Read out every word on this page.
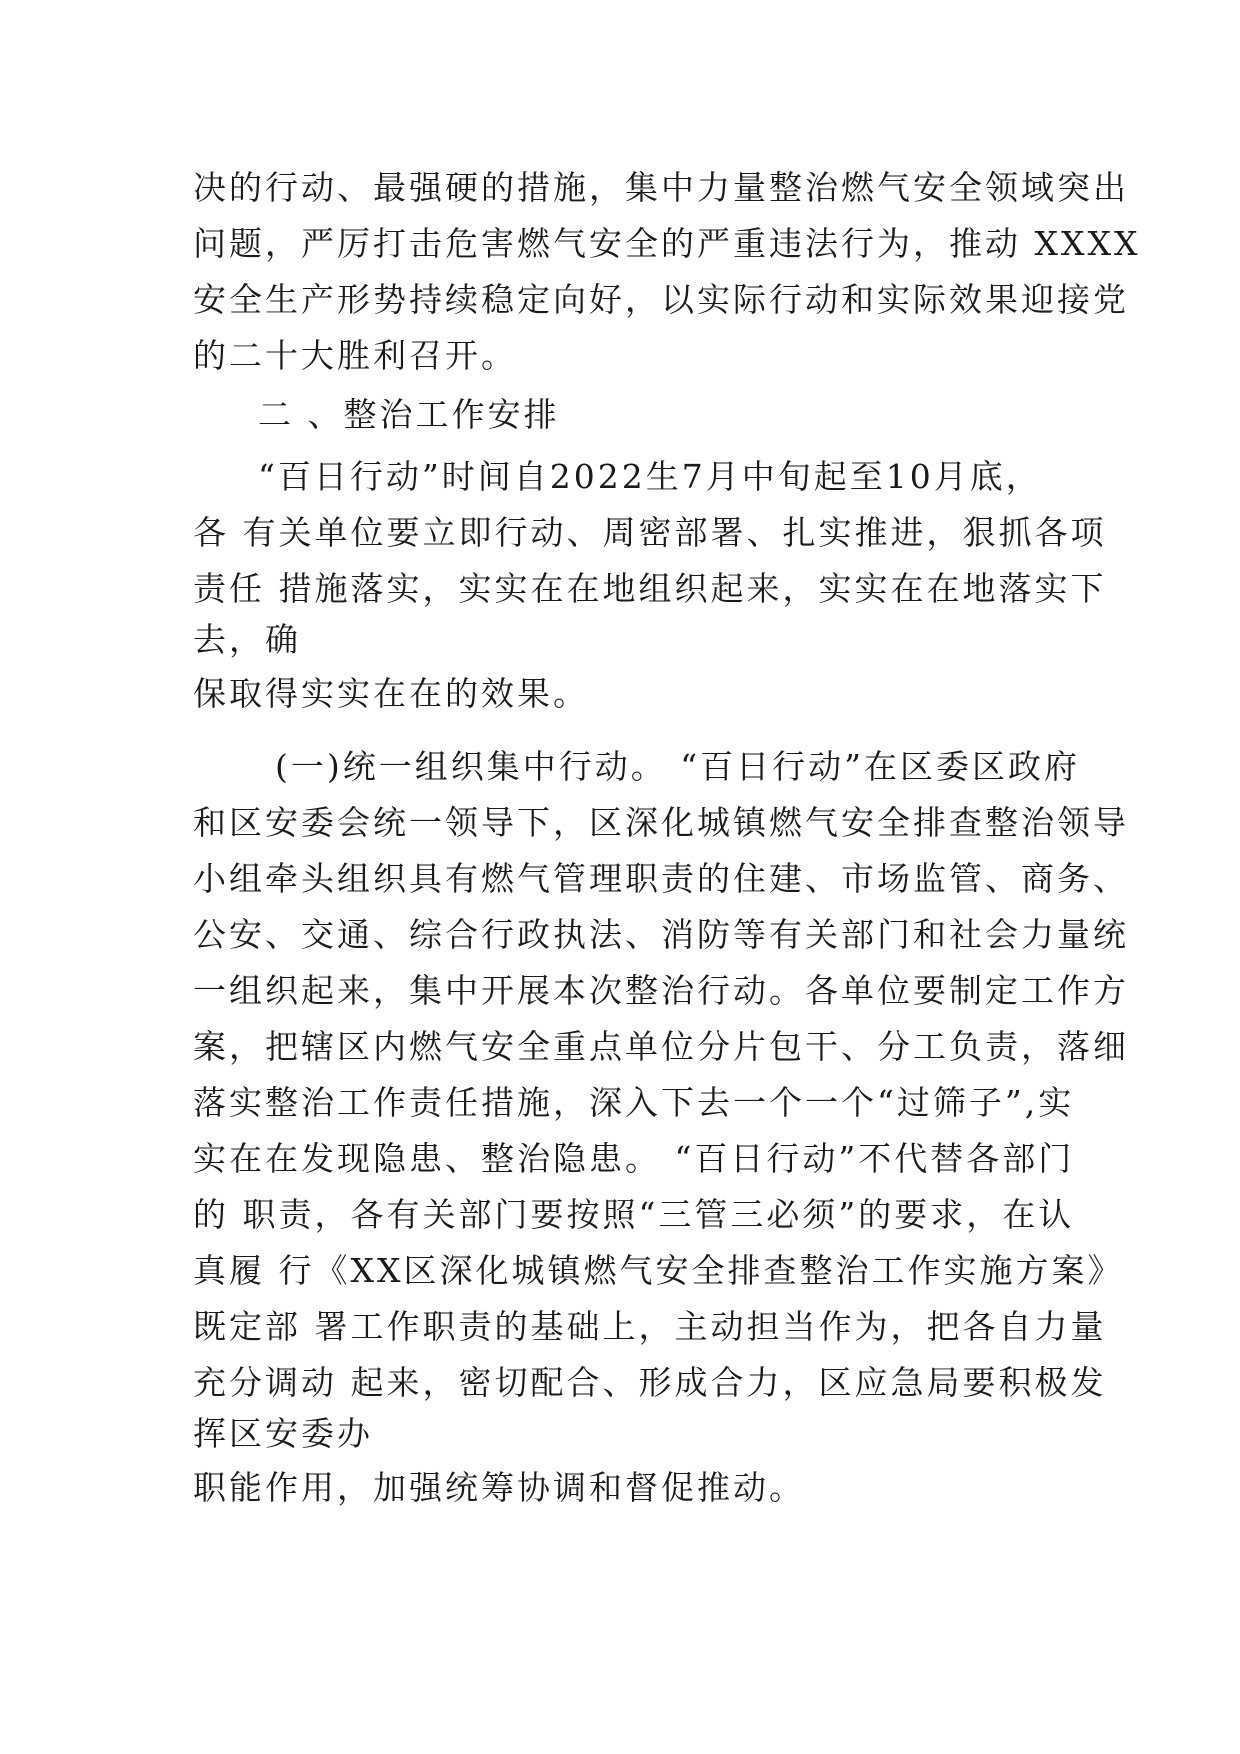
决的行动、最强硬的措施，集中力量整治燃气安全领域突出
问题，严厉打击危害燃气安全的严重违法行为，推动 XXXX
安全生产形势持续稳定向好，以实际行动和实际效果迎接党
的二十大胜利召开。
二 、整治工作安排
“百日行动”时间自2022生7月中旬起至10月底，
各 有关单位要立即行动、周密部署、扎实推进，狠抓各项
责任 措施落实，实实在在地组织起来，实实在在地落实下
去，确
保取得实实在在的效果。
(一)统一组织集中行动。 “百日行动”在区委区政府
和区安委会统一领导下，区深化城镇燃气安全排查整治领导
小组牵头组织具有燃气管理职责的住建、市场监管、商务、
公安、交通、综合行政执法、消防等有关部门和社会力量统
一组织起来，集中开展本次整治行动。各单位要制定工作方
案，把辖区内燃气安全重点单位分片包干、分工负责，落细
落实整治工作责任措施，深入下去一个一个“过筛子”,实
实在在发现隐患、整治隐患。 “百日行动”不代替各部门
的 职责，各有关部门要按照“三管三必须”的要求，在认
真履 行《XX区深化城镇燃气安全排查整治工作实施方案》
既定部 署工作职责的基础上，主动担当作为，把各自力量
充分调动 起来，密切配合、形成合力，区应急局要积极发
挥区安委办
职能作用，加强统筹协调和督促推动。
